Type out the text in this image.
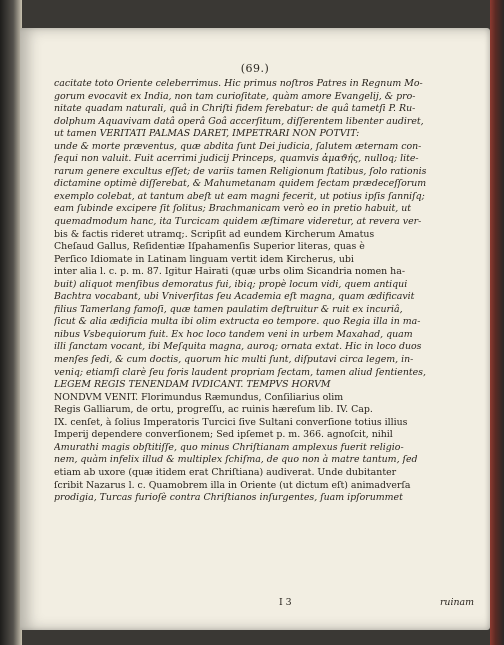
(69.)
cacitate toto Oriente celeberrimus. Hic primus noſtros Patres in Regnum Mo-
gorum evocavit ex India, non tam curioſitate, quàm amore Evangelij, & pro-
nitate quadam naturali, quâ in Chriſti fidem ferebatur: de quâ tametſi P. Ru-
dolphum Aquavivam datâ operâ Goâ accerſitum, diſſerentem libenter audiret,
ut tamen VERITATI PALMAS DARET, IMPETRARI NON POTVIT:
unde & morte præventus, quæ abdita ſunt Dei judicia, ſalutem æternam con-
ſequi non valuit. Fuit acerrimi judicij Princeps, quamvis ἀμαϑής, nulloq; lite-
rarum genere excultus eſſet; de variis tamen Religionum ſtatibus, ſolo rationis
dictamine optimè diſſerebat, & Mahumetanam quidem ſectam prædeceſſorum
exemplo colebat, at tantum abeſt ut eam magni fecerit, ut potius ipſis ſanniſq;
eam ſubinde excipere ſit ſolitus; Brachmanicam verò eo in pretio habuit, ut
quemadmodum hanc, ita Turcicam quidem æſtimare videretur, at revera ver-
bis & factis rideret utramq;. Scripſit ad eundem Kircherum Amatus
Cheſaud Gallus, Reſidentiæ Iſpahamenſis Superior literas, quas è
Perſico Idiomate in Latinam linguam vertit idem Kircherus, ubi
inter alia l. c. p. m. 87. Igitur Hairati (quæ urbs olim Sicandria nomen ha-
buit) aliquot menſibus demoratus fui, ibiq; propè locum vidi, quem antiqui
Bachtra vocabant, ubi Vniverſitas ſeu Academia eſt magna, quam ædificavit
filius Tamerlang famoſi, quæ tamen paulatim deſtruitur & ruit ex incuriâ,
ſicut & alia ædificia multa ibi olim extructa eo tempore. quo Regia illa in ma-
nibus Vsbequiorum fuit. Ex hoc loco tandem veni in urbem Maxahad, quam
illi ſanctam vocant, ibi Meſquita magna, auroq; ornata extat. Hic in loco duos
menſes ſedi, & cum doctis, quorum hic multi ſunt, diſputavi circa legem, in-
veniq; etiamſi clarè ſeu foris laudent propriam ſectam, tamen aliud ſentientes,
LEGEM REGIS TENENDAM IVDICANT. TEMPVS HORVM
NONDVM VENIT. Florimundus Ræmundus, Conſiliarius olim
Regis Galliarum, de ortu, progreſſu, ac ruinis hæreſum lib. IV. Cap.
IX. cenſet, à ſolius Imperatoris Turcici ſive Sultani converſione totius illius
Imperij dependere converſionem; Sed ipſemet p. m. 366. agnoſcit, nihil
Amurathi magis obſtitiſſe, quo minus Chriſtianam amplexus fuerit religio-
nem, quàm infelix illud & multiplex ſchiſma, de quo non à matre tantum, ſed
etiam ab uxore (quæ itidem erat Chriſtiana) audiverat. Unde dubitanter
ſcribit Nazarus l. c. Quamobrem illa in Oriente (ut dictum eſt) animadverſa
prodigia, Turcas furioſè contra Chriſtianos inſurgentes, ſuam ipſorummet
I 3	ruinam
